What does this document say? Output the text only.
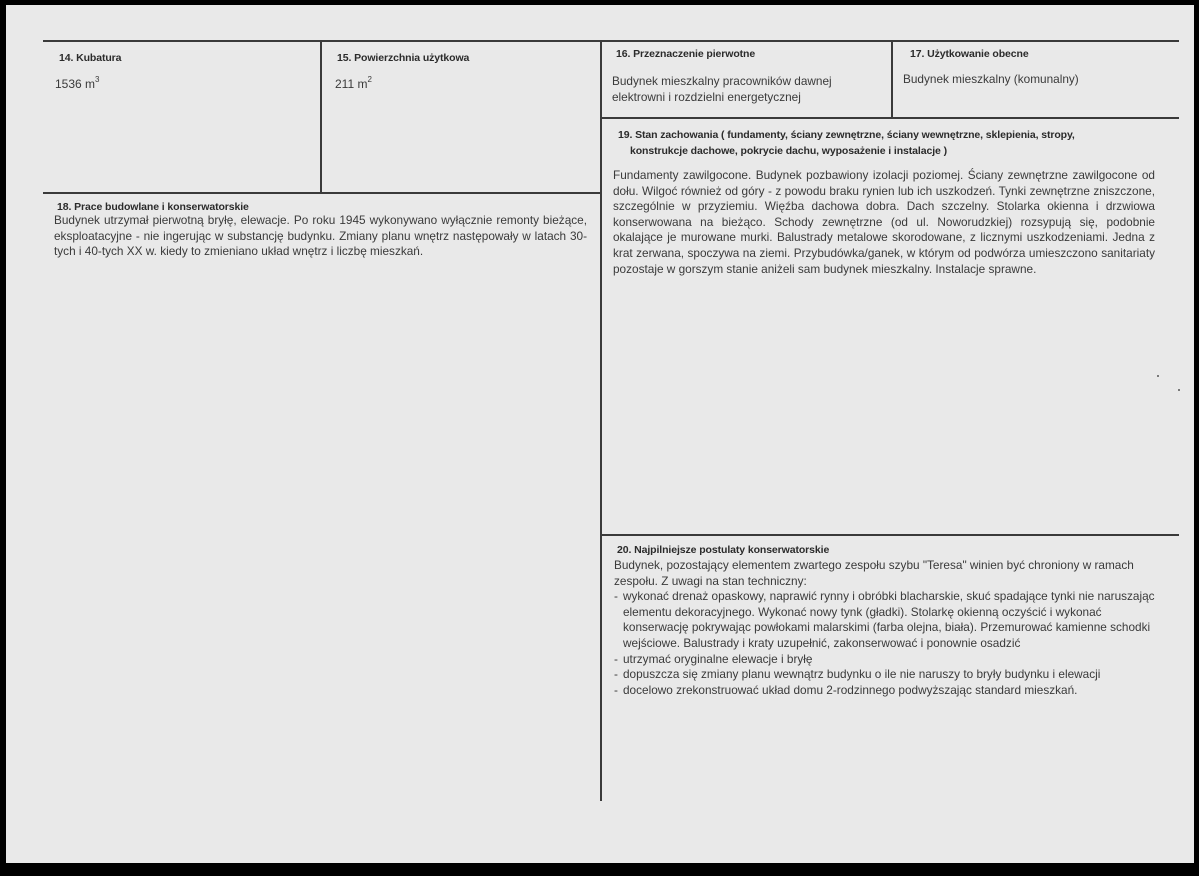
14. Kubatura
1536 $m^3$
15. Powierzchnia użytkowa
211 $m^2$
16. Przeznaczenie pierwotne
Budynek mieszkalny pracowników dawnej elektrowni i rozdzielni energetycznej
17. Użytkowanie obecne
Budynek mieszkalny (komunalny)
18. Prace budowlane i konserwatorskie
Budynek utrzymał pierwotną bryłę, elewacje. Po roku 1945 wykonywano wyłącznie remonty bieżące, eksploatacyjne - nie ingerując w substancję budynku. Zmiany planu wnętrz następowały w latach 30-tych i 40-tych XX w. kiedy to zmieniano układ wnętrz i liczbę mieszkań.
19. Stan zachowania ( fundamenty, ściany zewnętrzne, ściany wewnętrzne, sklepienia, stropy,
konstrukcje dachowe, pokrycie dachu, wyposażenie i instalacje )
Fundamenty zawilgocone. Budynek pozbawiony izolacji poziomej. Ściany zewnętrzne zawilgocone od dołu. Wilgoć również od góry - z powodu braku rynien lub ich uszkodzeń. Tynki zewnętrzne zniszczone, szczególnie w przyziemiu. Więźba dachowa dobra. Dach szczelny. Stolarka okienna i drzwiowa konserwowana na bieżąco. Schody zewnętrzne (od ul. Noworudzkiej) rozsypują się, podobnie okalające je murowane murki. Balustrady metalowe skorodowane, z licznymi uszkodzeniami. Jedna z krat zerwana, spoczywa na ziemi. Przybudówka/ganek, w którym od podwórza umieszczono sanitariaty pozostaje w gorszym stanie aniżeli sam budynek mieszkalny. Instalacje sprawne.
20. Najpilniejsze postulaty konserwatorskie
Budynek, pozostający elementem zwartego zespołu szybu "Teresa" winien być chroniony w ramach zespołu. Z uwagi na stan techniczny:
- wykonać drenaż opaskowy, naprawić rynny i obróbki blacharskie, skuć spadające tynki nie naruszając elementu dekoracyjnego. Wykonać nowy tynk (gładki). Stolarkę okienną oczyścić i wykonać konserwację pokrywając powłokami malarskimi (farba olejna, biała). Przemurować kamienne schodki wejściowe. Balustrady i kraty uzupełnić, zakonserwować i ponownie osadzić
- utrzymać oryginalne elewacje i bryłę
- dopuszcza się zmiany planu wewnątrz budynku o ile nie naruszy to bryły budynku i elewacji
- docelowo zrekonstruować układ domu 2-rodzinnego podwyższając standard mieszkań.
